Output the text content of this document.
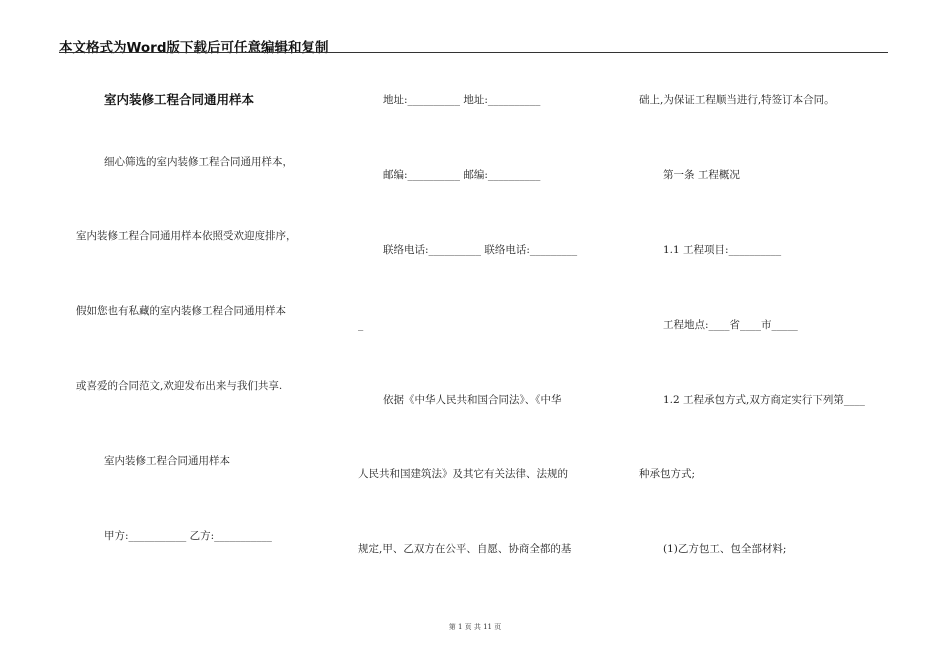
本文格式为Word版下载后可任意编辑和复制
室内装修工程合同通用样本
细心筛选的室内装修工程合同通用样本，
室内装修工程合同通用样本依照受欢迎度排序，
假如您也有私藏的室内装修工程合同通用样本
或喜爱的合同范文,欢迎发布出来与我们共享.
室内装修工程合同通用样本
甲方:___________ 乙方:___________
地址:__________ 地址:__________
邮编:__________ 邮编:__________
联络电话:__________ 联络电话:_________
_
依据《中华人民共和国合同法》、《中华
人民共和国建筑法》及其它有关法律、法规的
规定,甲、乙双方在公平、自愿、协商全都的基
础上,为保证工程顺当进行,特签订本合同。
第一条 工程概况
1.1 工程项目:__________
工程地点:____省____市_____
1.2 工程承包方式,双方商定实行下列第____
种承包方式;
(1)乙方包工、包全部材料;
第 1 页 共 11 页
